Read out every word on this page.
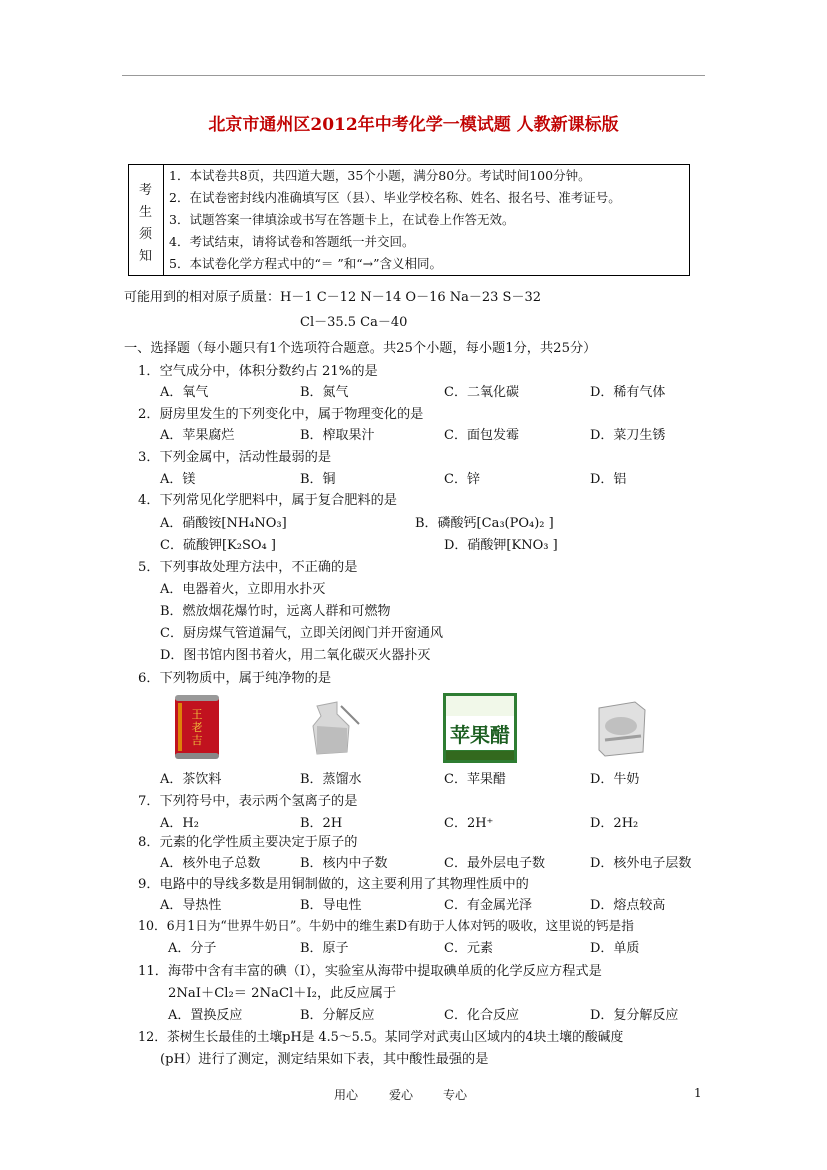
北京市通州区2012年中考化学一模试题 人教新课标版
考
生
须
知
1．本试卷共8页，共四道大题，35个小题，满分80分。考试时间100分钟。
2．在试卷密封线内准确填写区（县）、毕业学校名称、姓名、报名号、准考证号。
3．试题答案一律填涂或书写在答题卡上，在试卷上作答无效。
4．考试结束，请将试卷和答题纸一并交回。
5．本试卷化学方程式中的“＝ ”和“→”含义相同。
可能用到的相对原子质量：H－1 C－12 N－14 O－16 Na－23 S－32
Cl－35.5 Ca－40
一、选择题（每小题只有1个选项符合题意。共25个小题，每小题1分，共25分）
1．空气成分中，体积分数约占 21%的是
A．氧气	B．氮气	C．二氧化碳	D．稀有气体
2．厨房里发生的下列变化中，属于物理变化的是
A．苹果腐烂	B．榨取果汁	C．面包发霉	D．菜刀生锈
3．下列金属中，活动性最弱的是
A．镁	B．铜	C．锌	D．铝
4．下列常见化学肥料中，属于复合肥料的是
A．硝酸铵[NH₄NO₃]	B．磷酸钙[Ca₃(PO₄)₂ ]
C．硫酸钾[K₂SO₄ ]	D．硝酸钾[KNO₃ ]
5．下列事故处理方法中，不正确的是
A．电器着火，立即用水扑灭
B．燃放烟花爆竹时，远离人群和可燃物
C．厨房煤气管道漏气，立即关闭阀门并开窗通风
D．图书馆内图书着火，用二氧化碳灭火器扑灭
6．下列物质中，属于纯净物的是
王
老
吉	苹果醋
A．茶饮料	B．蒸馏水	C．苹果醋	D．牛奶
7．下列符号中，表示两个氢离子的是
A．H₂	B．2H	C．2H⁺	D．2H₂
8．元素的化学性质主要决定于原子的
A．核外电子总数	B．核内中子数	C．最外层电子数	D．核外电子层数
9．电路中的导线多数是用铜制做的，这主要利用了其物理性质中的
A．导热性	B．导电性	C．有金属光泽	D．熔点较高
10．6月1日为“世界牛奶日”。牛奶中的维生素D有助于人体对钙的吸收，这里说的钙是指
A．分子	B．原子	C．元素	D．单质
11．海带中含有丰富的碘（I），实验室从海带中提取碘单质的化学反应方程式是
2NaI＋Cl₂＝ 2NaCl＋I₂，此反应属于
A．置换反应	B．分解反应	C．化合反应	D．复分解反应
12．茶树生长最佳的土壤pH是 4.5～5.5。某同学对武夷山区域内的4块土壤的酸碱度
(pH）进行了测定，测定结果如下表，其中酸性最强的是
用心	爱心 专心	1
